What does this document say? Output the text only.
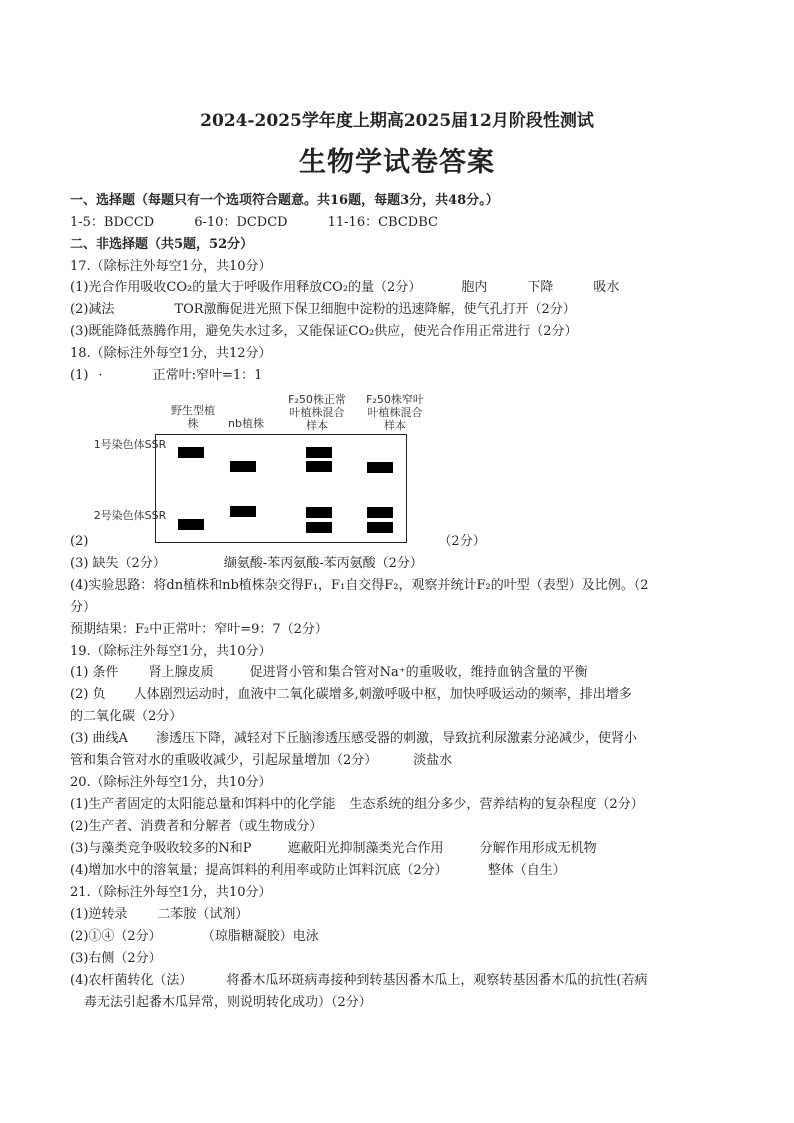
2024-2025学年度上期高2025届12月阶段性测试
生物学试卷答案
一、选择题（每题只有一个选项符合题意。共16题，每题3分，共48分。）
1-5：BDCCD	6-10：DCDCD	11-16：CBCDBC
二、非选择题（共5题，52分）
17.（除标注外每空1分，共10分）
(1)光合作用吸收CO₂的量大于呼吸作用释放CO₂的量（2分）	胞内	下降	吸水
(2)减法	TOR激酶促进光照下保卫细胞中淀粉的迅速降解，使气孔打开（2分）
(3)既能降低蒸腾作用，避免失水过多，又能保证CO₂供应，使光合作用正常进行（2分）
18.（除标注外每空1分，共12分）
(1) ·	正常叶:窄叶=1：1
野生型植株	nb植株
F₂50株正常叶植株混合样本
F₂50株窄叶叶植株混合样本
1号染色体SSR
2号染色体SSR
(2)	（2分）
(3) 缺失（2分）	缬氨酸-苯丙氨酸-苯丙氨酸（2分）
(4)实验思路：将dn植株和nb植株杂交得F₁，F₁自交得F₂，观察并统计F₂的叶型（表型）及比例。（2
分）
预期结果：F₂中正常叶：窄叶=9：7（2分）
19.（除标注外每空1分，共10分）
(1) 条件 肾上腺皮质	促进肾小管和集合管对Na⁺的重吸收，维持血钠含量的平衡
(2) 负 人体剧烈运动时，血液中二氧化碳增多,刺激呼吸中枢，加快呼吸运动的频率，排出增多
的二氧化碳（2分）
(3) 曲线A 渗透压下降，减轻对下丘脑渗透压感受器的刺激，导致抗利尿激素分泌减少，使肾小
管和集合管对水的重吸收减少，引起尿量增加（2分）	淡盐水
20.（除标注外每空1分，共10分）
(1)生产者固定的太阳能总量和饵料中的化学能 生态系统的组分多少，营养结构的复杂程度（2分）
(2)生产者、消费者和分解者（或生物成分）
(3)与藻类竞争吸收较多的N和P	遮蔽阳光抑制藻类光合作用	分解作用形成无机物
(4)增加水中的溶氧量；提高饵料的利用率或防止饵料沉底（2分）	整体（自生）
21.（除标注外每空1分，共10分）
(1)逆转录 二苯胺（试剂）
(2)①④（2分）	（琼脂糖凝胶）电泳
(3)右侧（2分）
(4)农杆菌转化（法）	将番木瓜环斑病毒接种到转基因番木瓜上，观察转基因番木瓜的抗性(若病
毒无法引起番木瓜异常，则说明转化成功）（2分）
